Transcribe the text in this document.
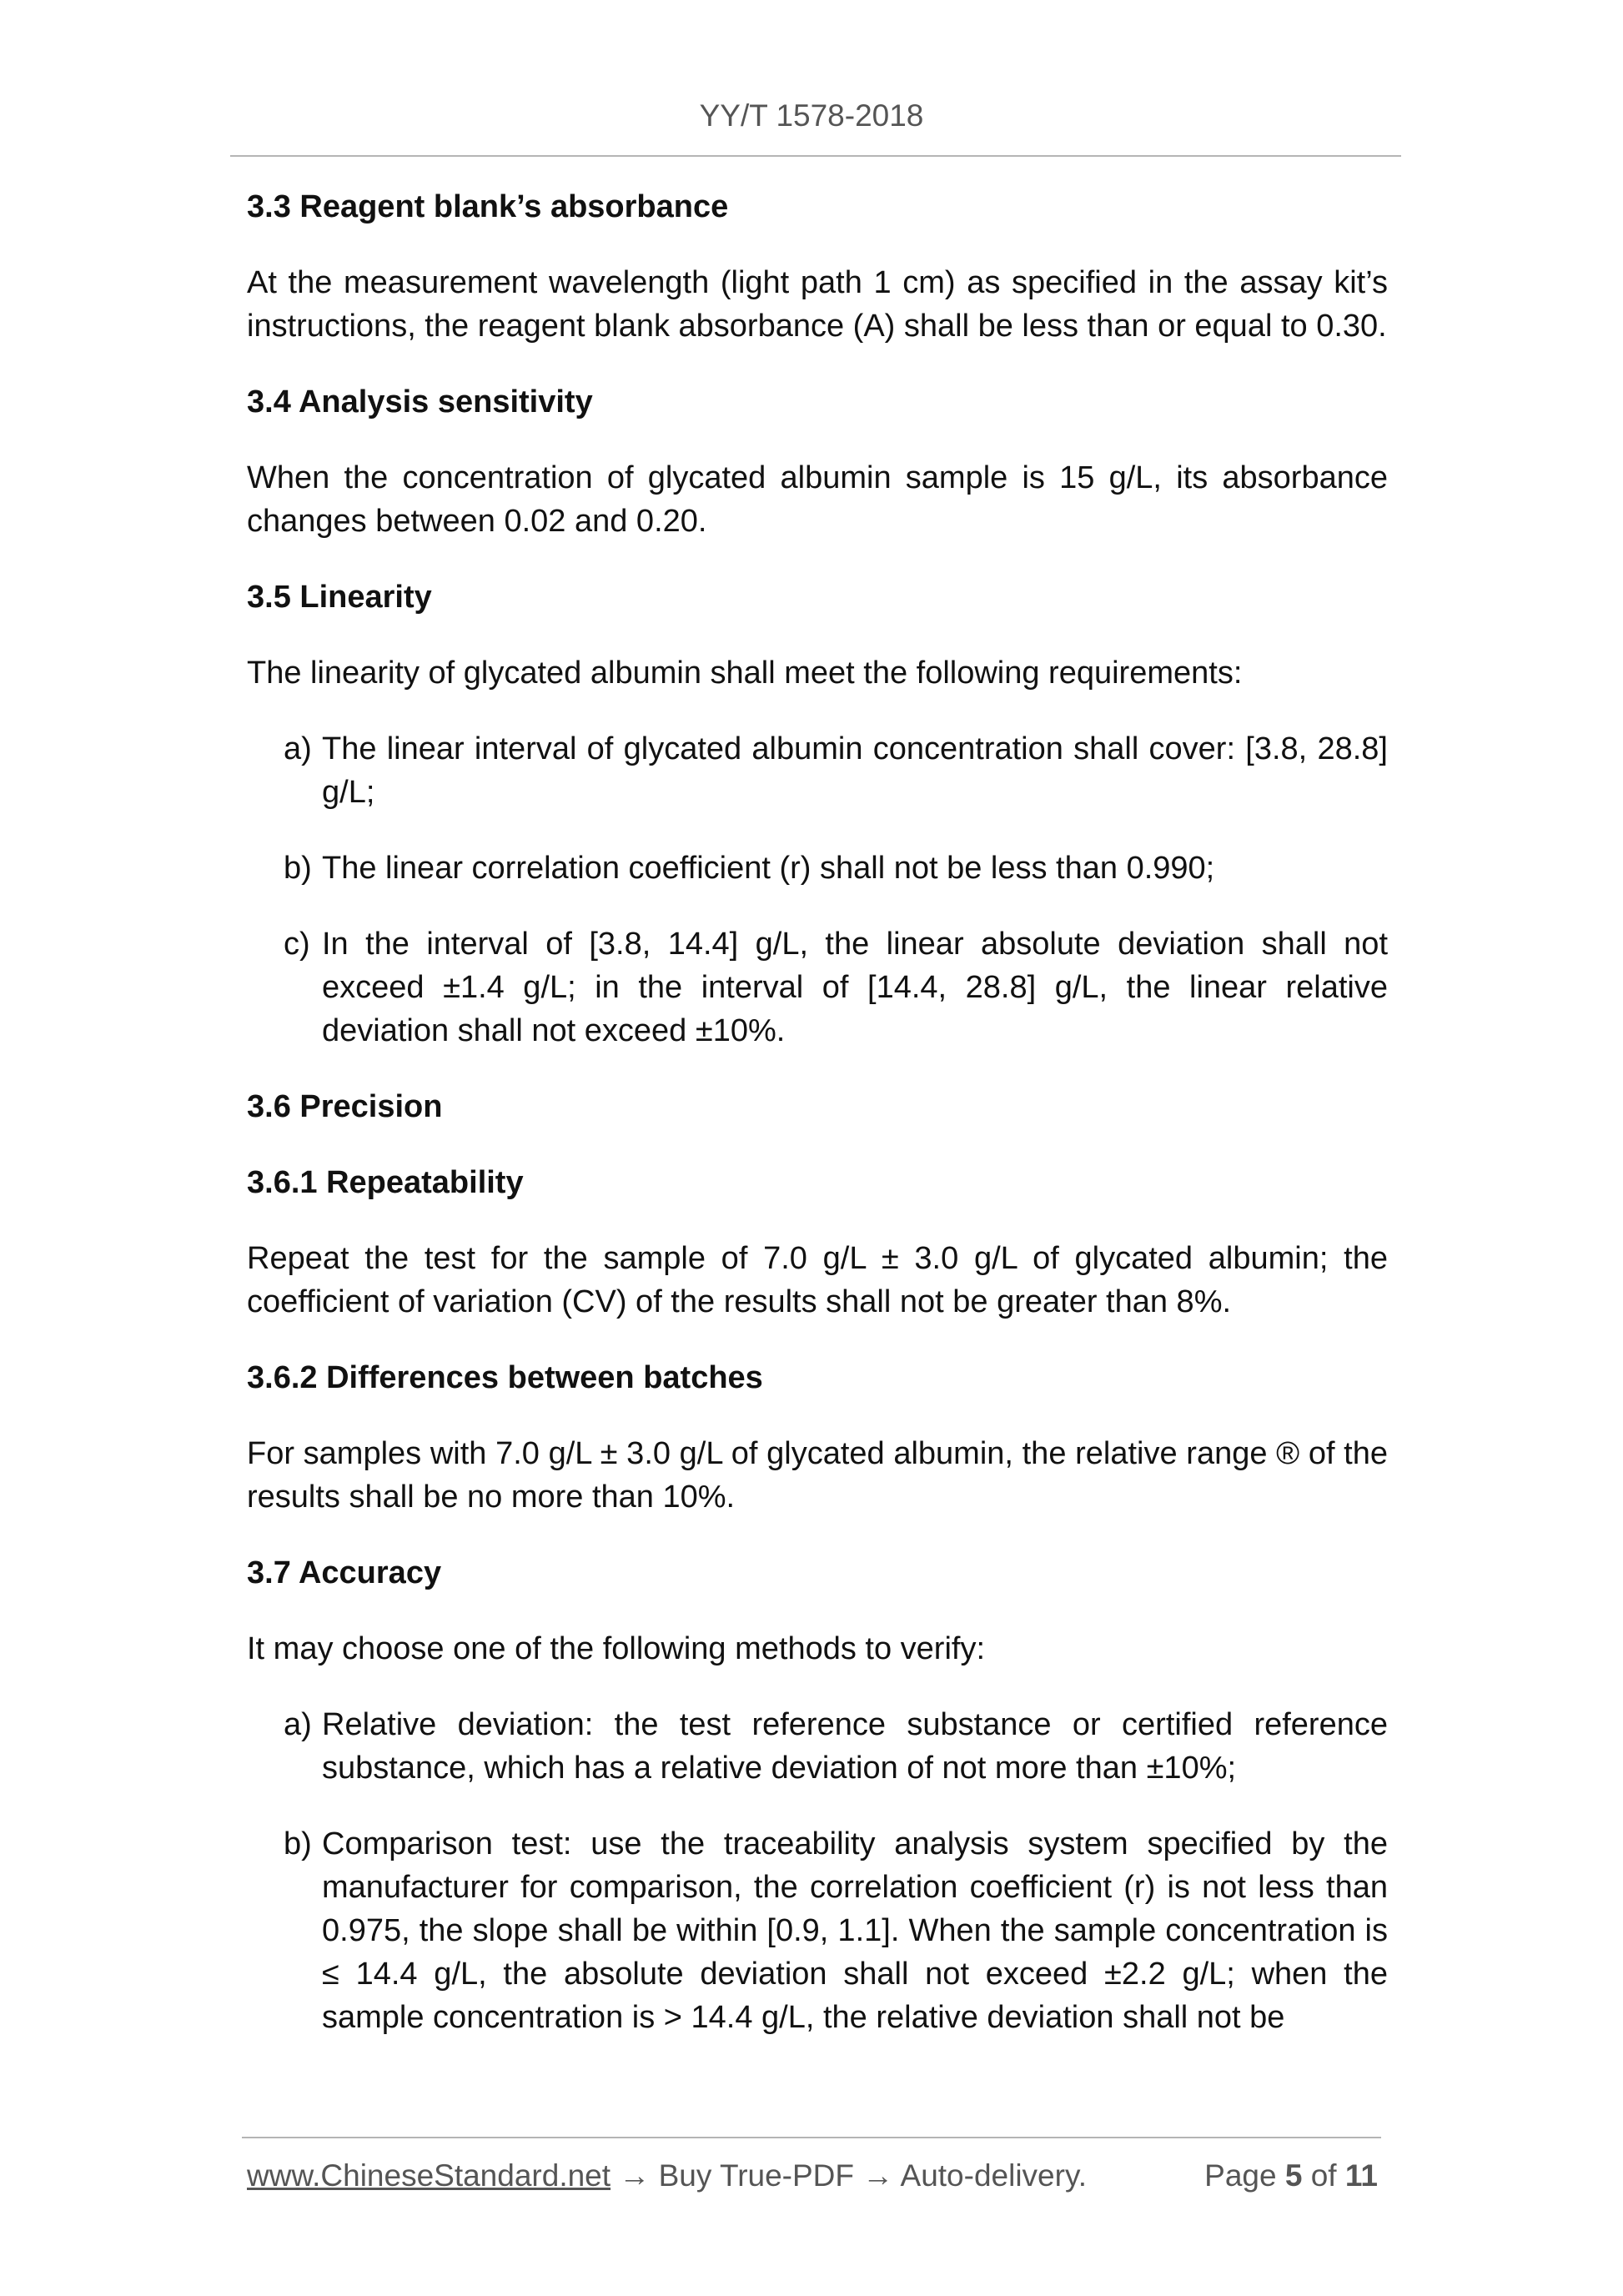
YY/T 1578-2018
3.3 Reagent blank’s absorbance
At the measurement wavelength (light path 1 cm) as specified in the assay kit’s instructions, the reagent blank absorbance (A) shall be less than or equal to 0.30.
3.4 Analysis sensitivity
When the concentration of glycated albumin sample is 15 g/L, its absorbance changes between 0.02 and 0.20.
3.5 Linearity
The linearity of glycated albumin shall meet the following requirements:
a) The linear interval of glycated albumin concentration shall cover: [3.8, 28.8] g/L;
b) The linear correlation coefficient (r) shall not be less than 0.990;
c) In the interval of [3.8, 14.4] g/L, the linear absolute deviation shall not exceed ±1.4 g/L; in the interval of [14.4, 28.8] g/L, the linear relative deviation shall not exceed ±10%.
3.6 Precision
3.6.1 Repeatability
Repeat the test for the sample of 7.0 g/L ± 3.0 g/L of glycated albumin; the coefficient of variation (CV) of the results shall not be greater than 8%.
3.6.2 Differences between batches
For samples with 7.0 g/L ± 3.0 g/L of glycated albumin, the relative range ® of the results shall be no more than 10%.
3.7 Accuracy
It may choose one of the following methods to verify:
a) Relative deviation: the test reference substance or certified reference substance, which has a relative deviation of not more than ±10%;
b) Comparison test: use the traceability analysis system specified by the manufacturer for comparison, the correlation coefficient (r) is not less than 0.975, the slope shall be within [0.9, 1.1]. When the sample concentration is ≤ 14.4 g/L, the absolute deviation shall not exceed ±2.2 g/L; when the sample concentration is > 14.4 g/L, the relative deviation shall not be
www.ChineseStandard.net → Buy True-PDF → Auto-delivery.	Page 5 of 11
